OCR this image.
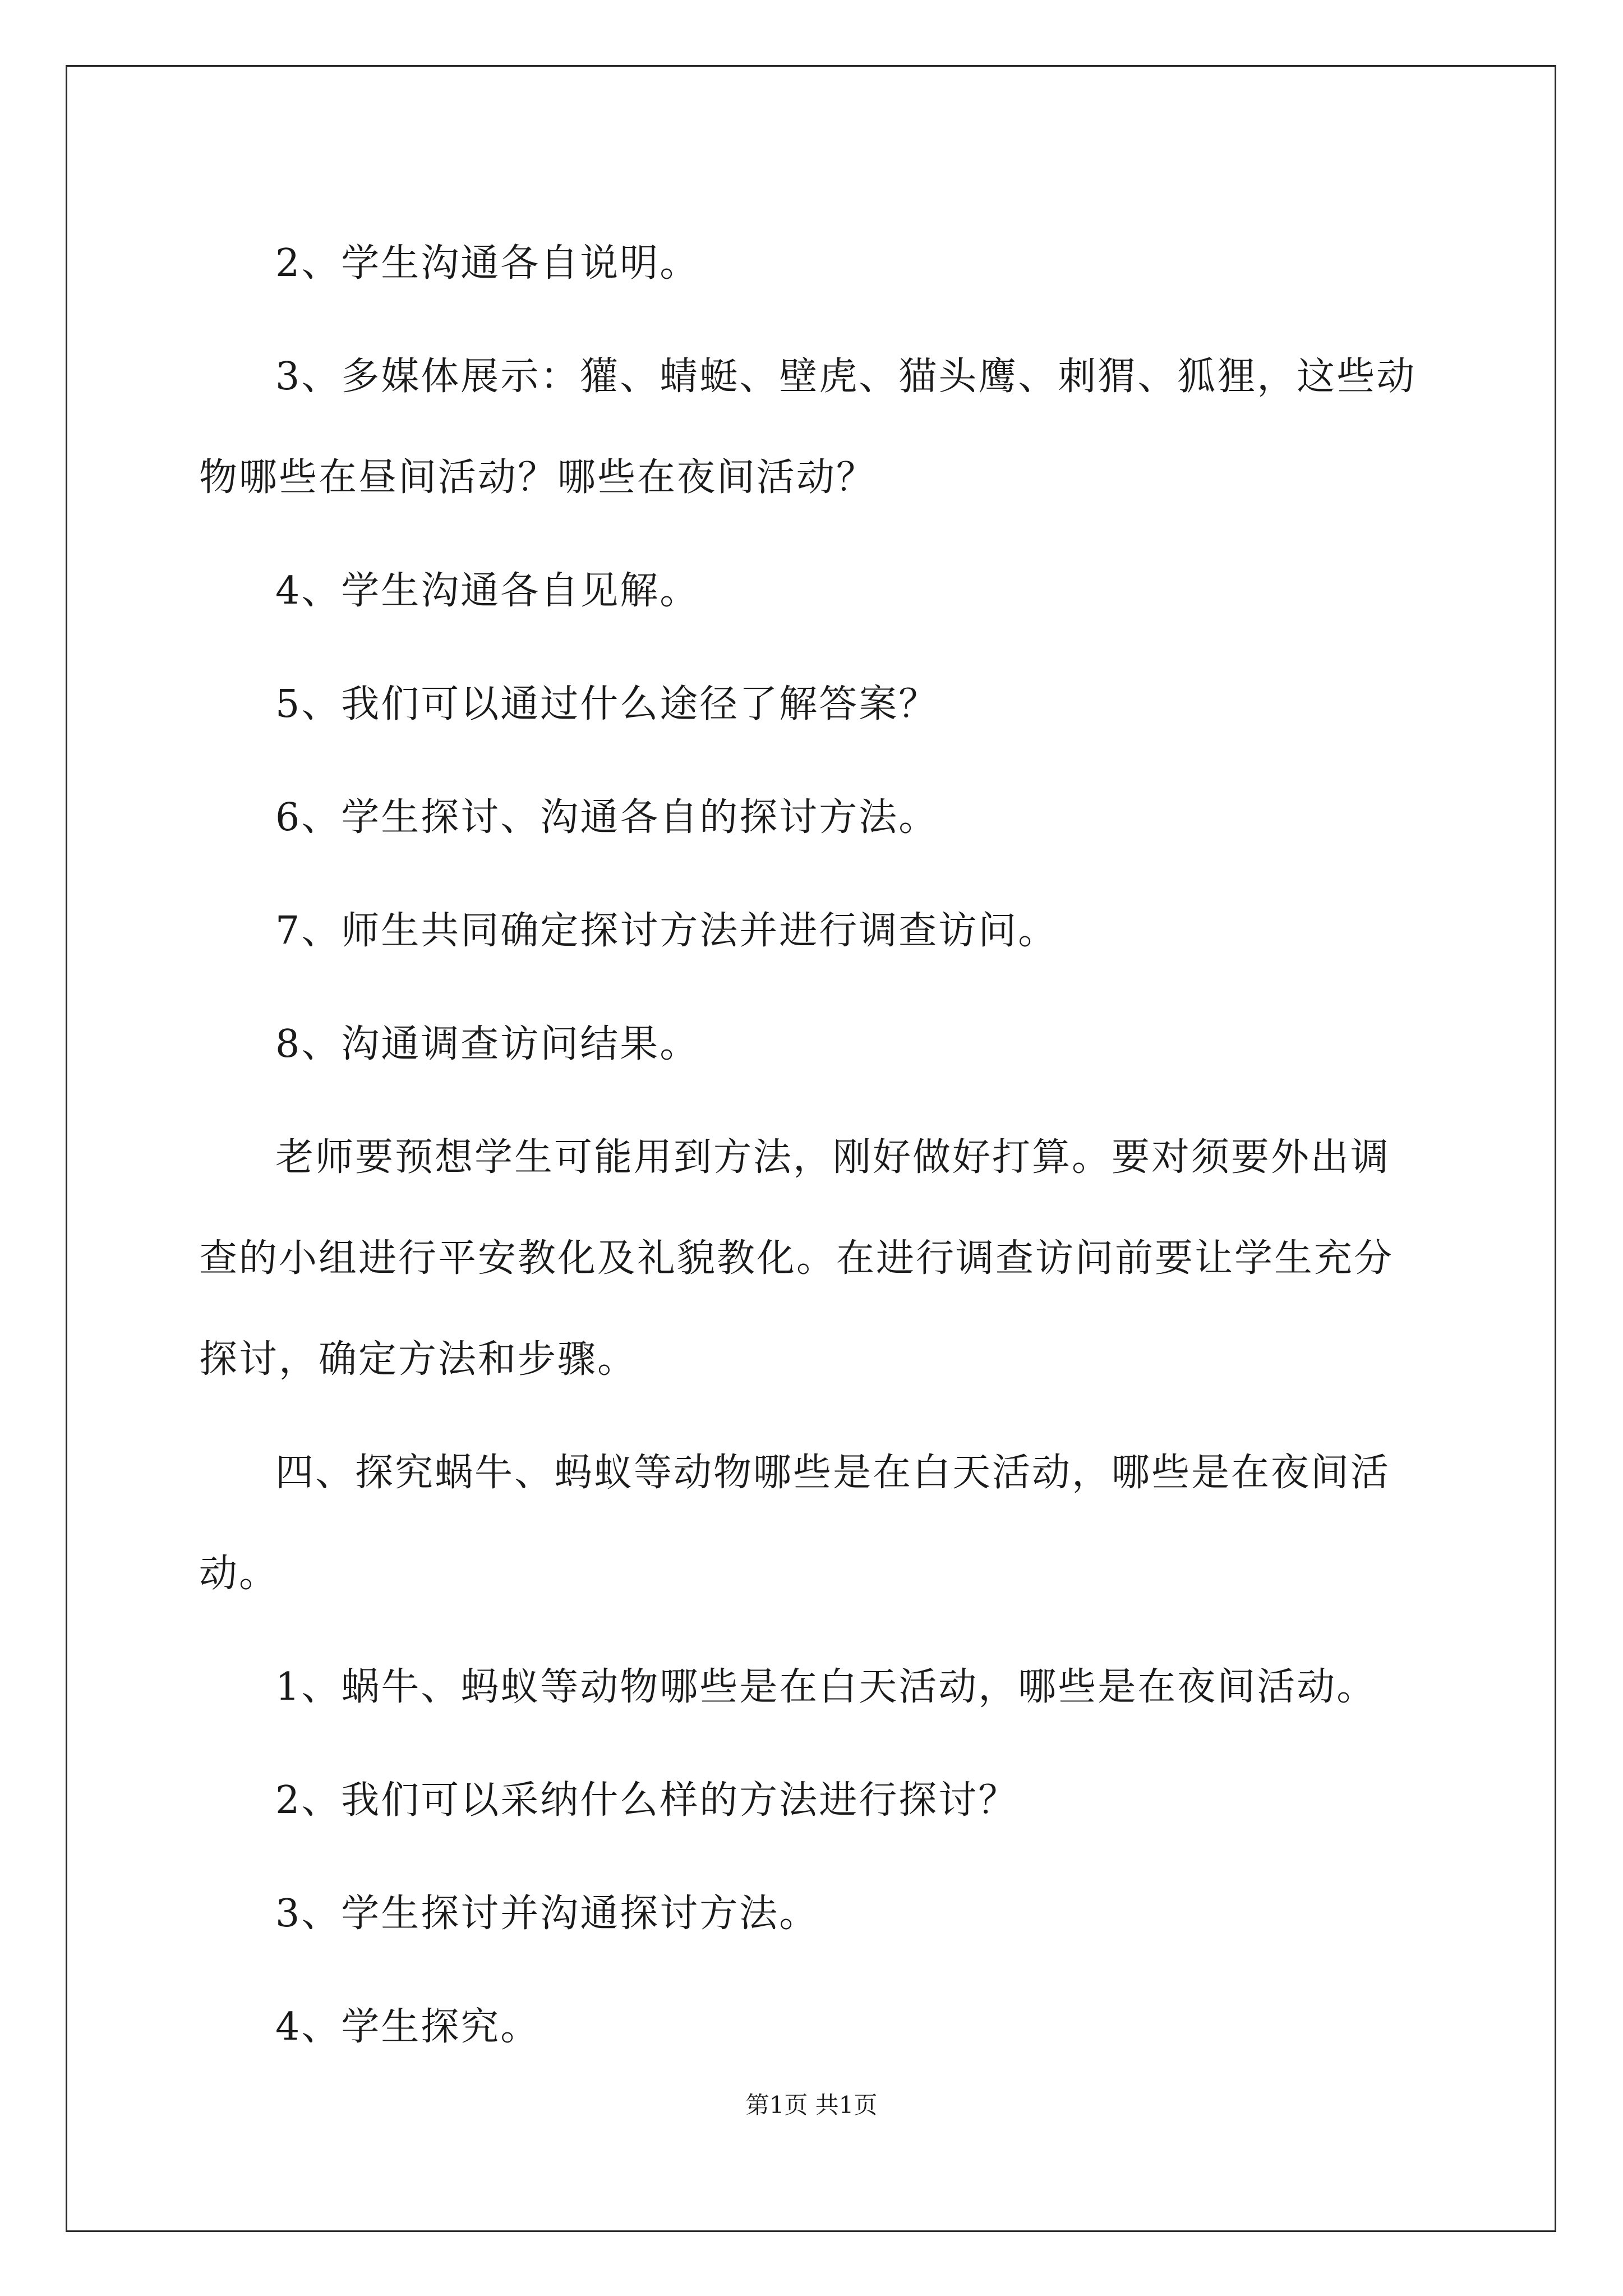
2、学生沟通各自说明。

3、多媒体展示：獾、蜻蜓、壁虎、猫头鹰、刺猬、狐狸，这些动物哪些在昼间活动？哪些在夜间活动？

4、学生沟通各自见解。

5、我们可以通过什么途径了解答案？

6、学生探讨、沟通各自的探讨方法。

7、师生共同确定探讨方法并进行调查访问。

8、沟通调查访问结果。

老师要预想学生可能用到方法，刚好做好打算。要对须要外出调查的小组进行平安教化及礼貌教化。在进行调查访问前要让学生充分探讨，确定方法和步骤。

四、探究蜗牛、蚂蚁等动物哪些是在白天活动，哪些是在夜间活动。

1、蜗牛、蚂蚁等动物哪些是在白天活动，哪些是在夜间活动。

2、我们可以采纳什么样的方法进行探讨？

3、学生探讨并沟通探讨方法。

4、学生探究。

第1页 共1页
